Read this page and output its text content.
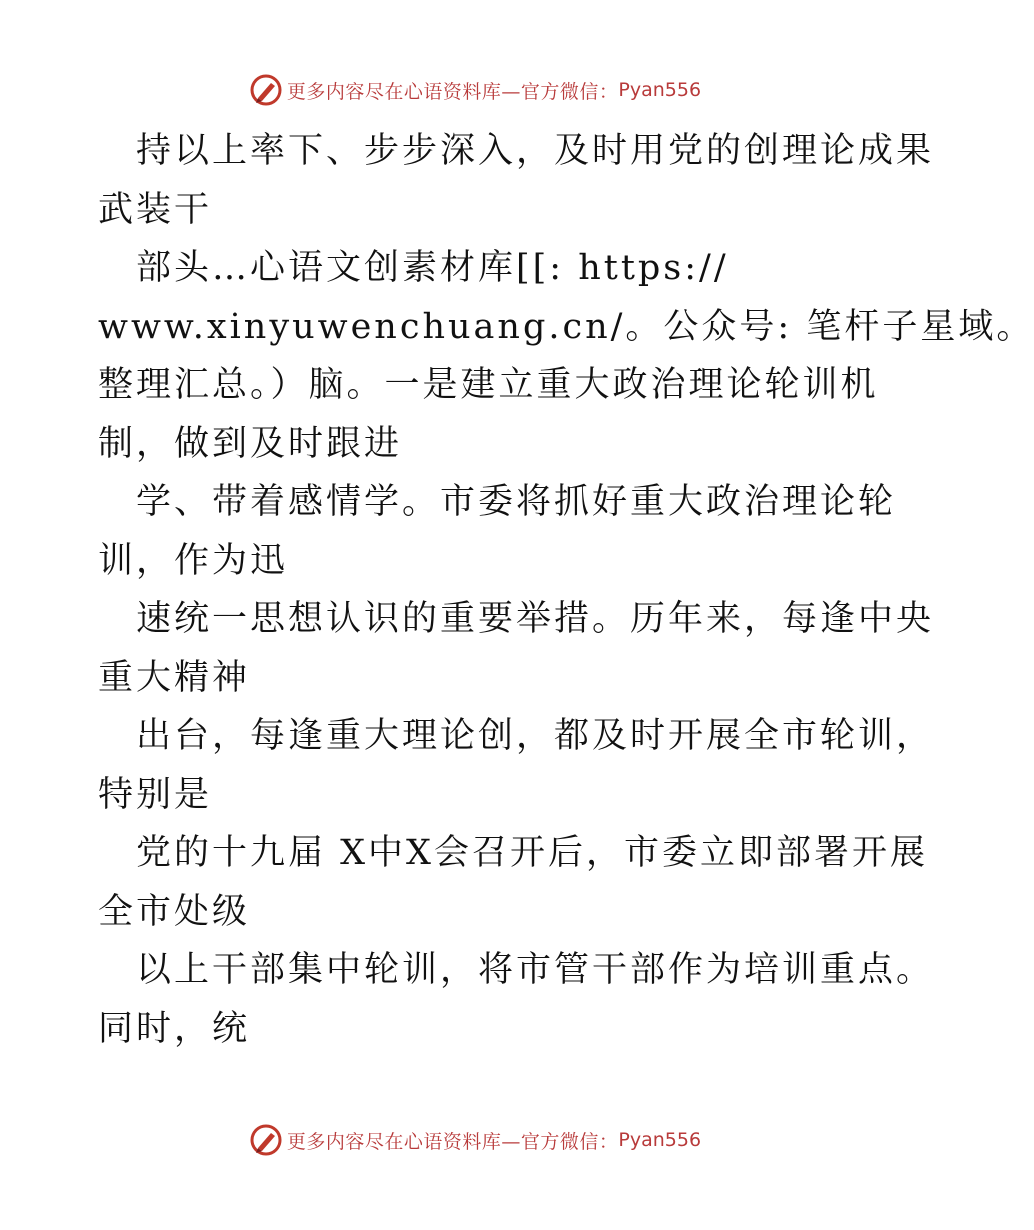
更多内容尽在心语资料库—官方微信： Pyan556
持以上率下、步步深入，及时用党的创理论成果
武装干
部头…心语文创素材库[[: https://
www.xinyuwenchuang.cn/。公众号: 笔杆子星域。
整理汇总。）脑。一是建立重大政治理论轮训机
制，做到及时跟进
学、带着感情学。市委将抓好重大政治理论轮
训，作为迅
速统一思想认识的重要举措。历年来，每逢中央
重大精神
出台，每逢重大理论创，都及时开展全市轮训，
特别是
党的十九届 X中X会召开后，市委立即部署开展
全市处级
以上干部集中轮训，将市管干部作为培训重点。
同时，统
更多内容尽在心语资料库—官方微信： Pyan556
